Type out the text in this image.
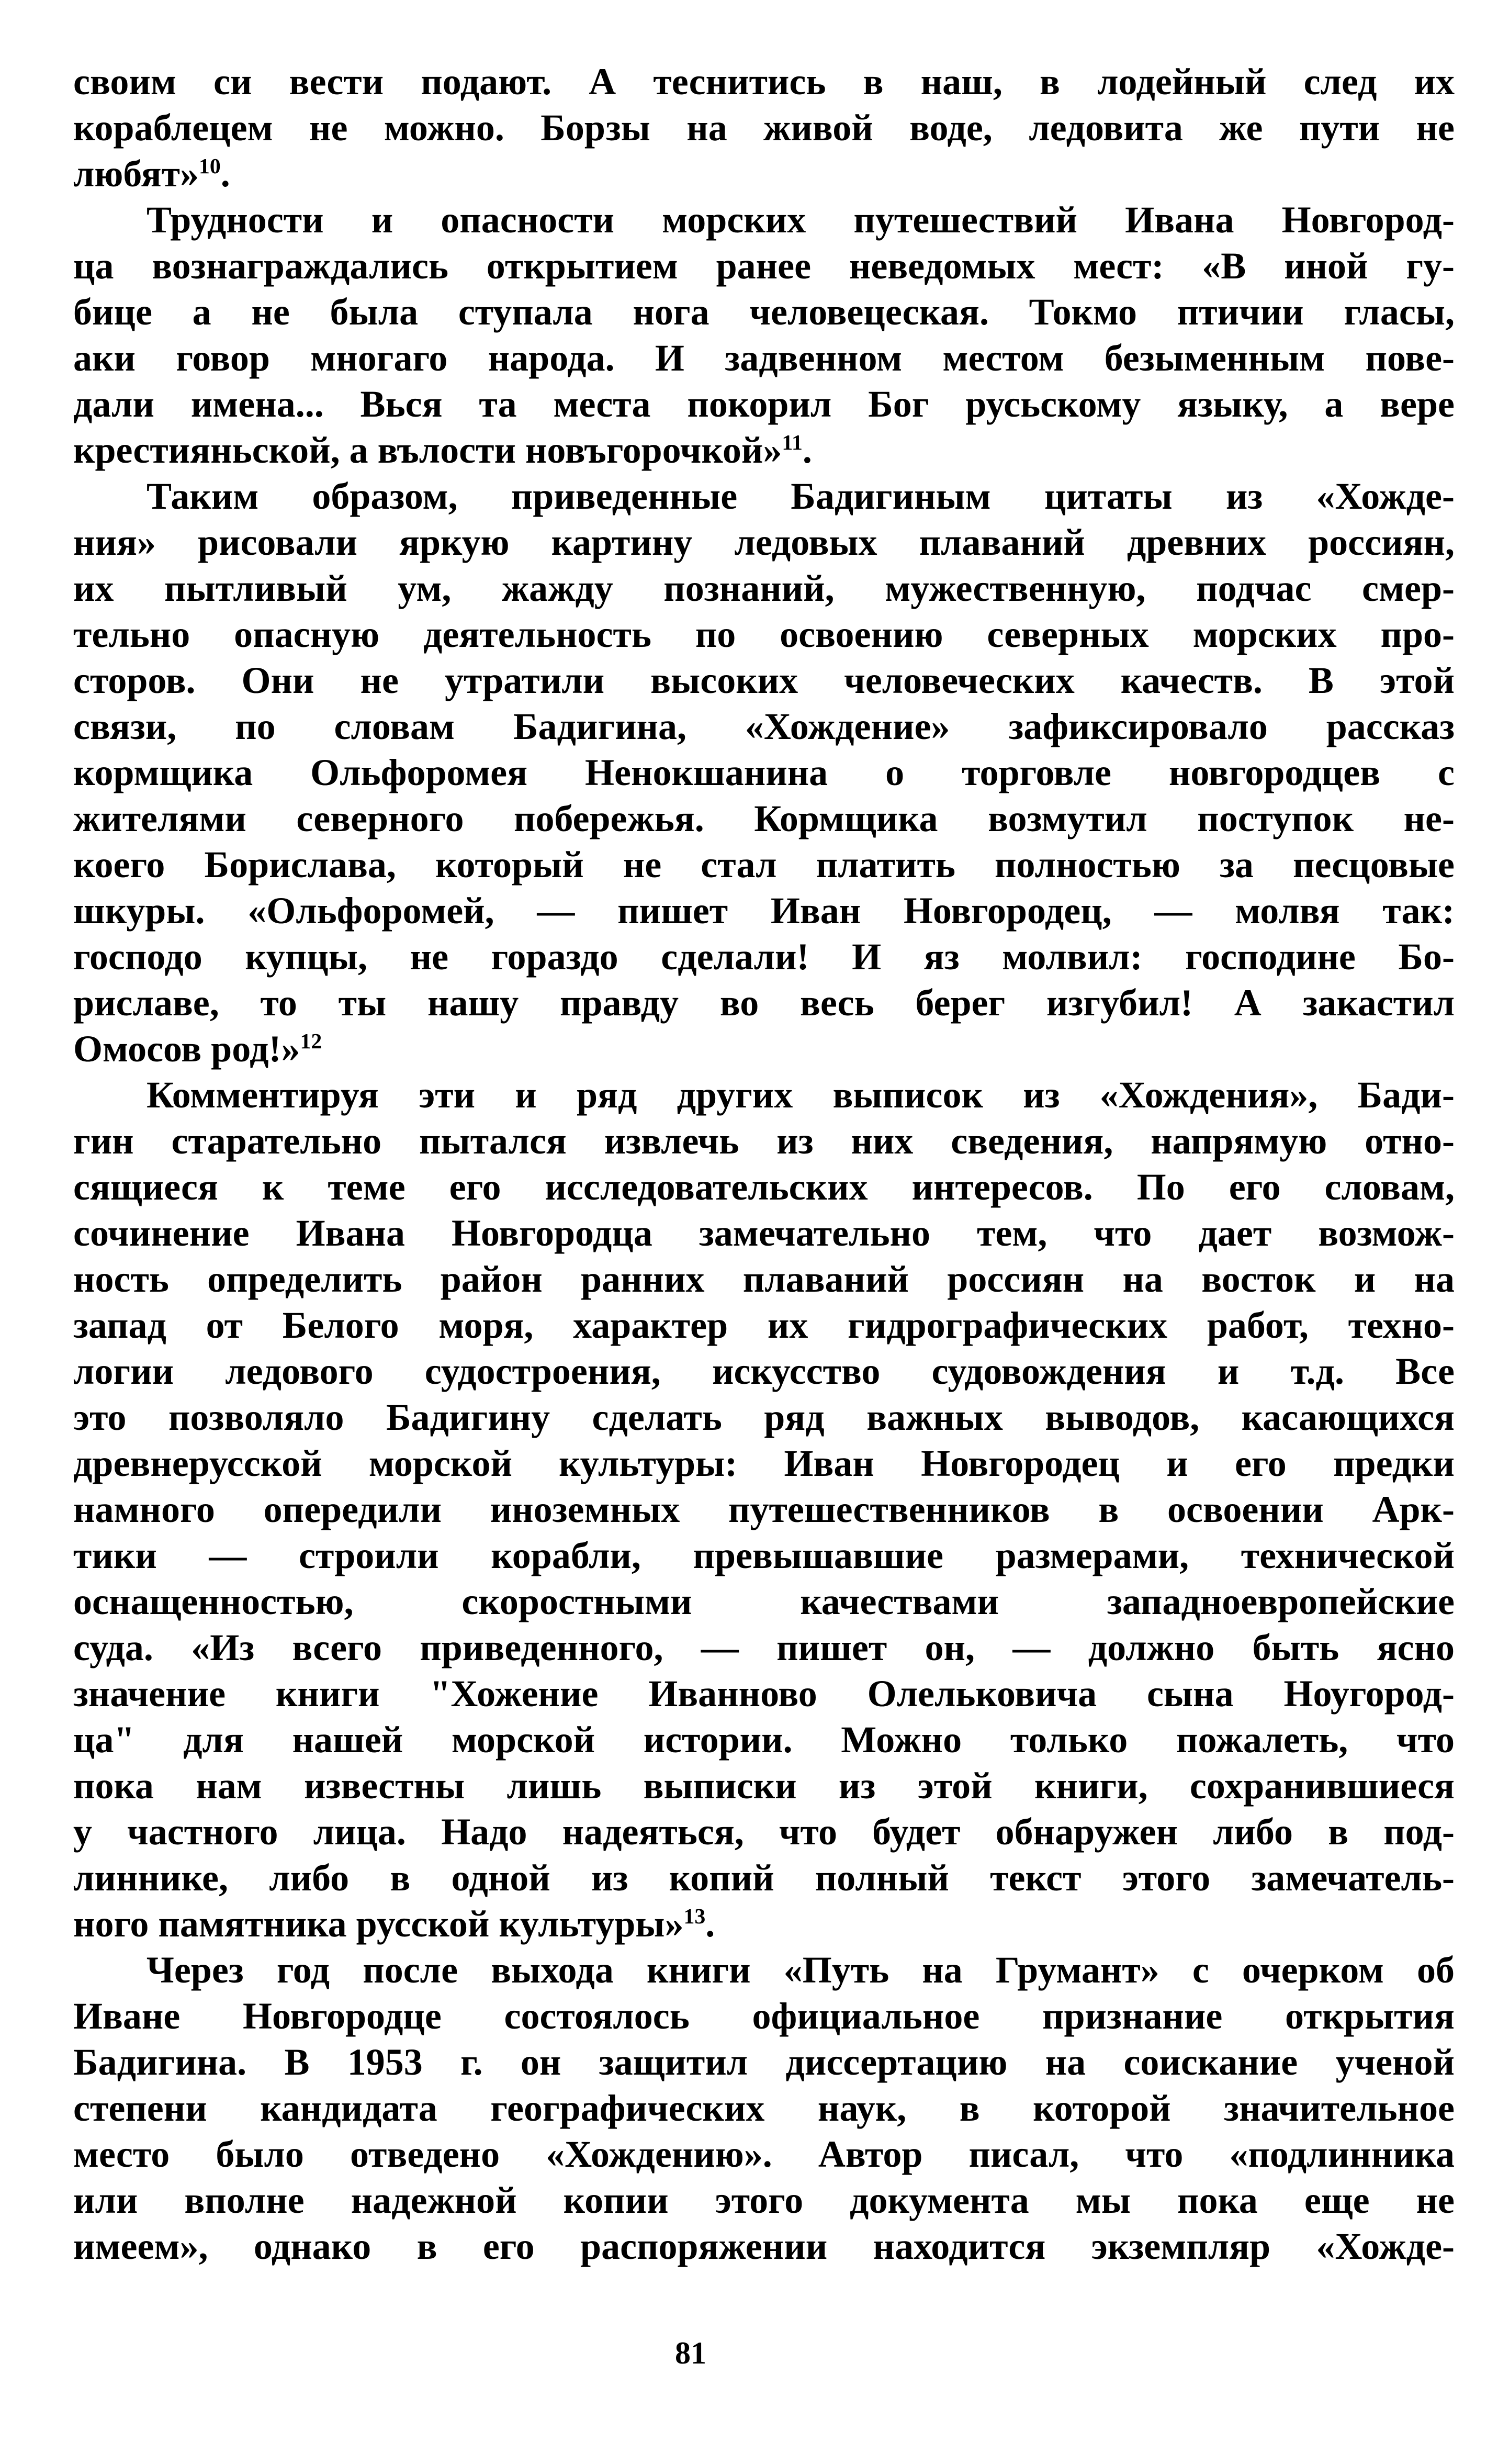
своим си вести подают. А теснитись в наш, в лодейный след их
кораблецем не можно. Борзы на живой воде, ледовита же пути не
любят»$^{10}$.
Трудности и опасности морских путешествий Ивана Новгород-
ца вознаграждались открытием ранее неведомых мест: «В иной гу-
бице а не была ступала нога человецеская. Токмо птичии гласы,
аки говор многаго народа. И задвенном местом безыменным пове-
дали имена... Вься та места покорил Бог русьскому языку, а вере
крестияньской, а вълости новъгорочкой»$^{11}$.
Таким образом, приведенные Бадигиным цитаты из «Хожде-
ния» рисовали яркую картину ледовых плаваний древних россиян,
их пытливый ум, жажду познаний, мужественную, подчас смер-
тельно опасную деятельность по освоению северных морских про-
сторов. Они не утратили высоких человеческих качеств. В этой
связи, по словам Бадигина, «Хождение» зафиксировало рассказ
кормщика Ольфоромея Ненокшанина о торговле новгородцев с
жителями северного побережья. Кормщика возмутил поступок не-
коего Борислава, который не стал платить полностью за песцовые
шкуры. «Ольфоромей, — пишет Иван Новгородец, — молвя так:
господо купцы, не гораздо сделали! И яз молвил: господине Бо-
риславе, то ты нашу правду во весь берег изгубил! А закастил
Омосов род!»$^{12}$
Комментируя эти и ряд других выписок из «Хождения», Бади-
гин старательно пытался извлечь из них сведения, напрямую отно-
сящиеся к теме его исследовательских интересов. По его словам,
сочинение Ивана Новгородца замечательно тем, что дает возмож-
ность определить район ранних плаваний россиян на восток и на
запад от Белого моря, характер их гидрографических работ, техно-
логии ледового судостроения, искусство судовождения и т.д. Все
это позволяло Бадигину сделать ряд важных выводов, касающихся
древнерусской морской культуры: Иван Новгородец и его предки
намного опередили иноземных путешественников в освоении Арк-
тики — строили корабли, превышавшие размерами, технической
оснащенностью, скоростными качествами западноевропейские
суда. «Из всего приведенного, — пишет он, — должно быть ясно
значение книги "Хожение Иванново Олельковича сына Ноугород-
ца" для нашей морской истории. Можно только пожалеть, что
пока нам известны лишь выписки из этой книги, сохранившиеся
у частного лица. Надо надеяться, что будет обнаружен либо в под-
линнике, либо в одной из копий полный текст этого замечатель-
ного памятника русской культуры»$^{13}$.
Через год после выхода книги «Путь на Грумант» с очерком об
Иване Новгородце состоялось официальное признание открытия
Бадигина. В 1953 г. он защитил диссертацию на соискание ученой
степени кандидата географических наук, в которой значительное
место было отведено «Хождению». Автор писал, что «подлинника
или вполне надежной копии этого документа мы пока еще не
имеем», однако в его распоряжении находится экземпляр «Хожде-
81
